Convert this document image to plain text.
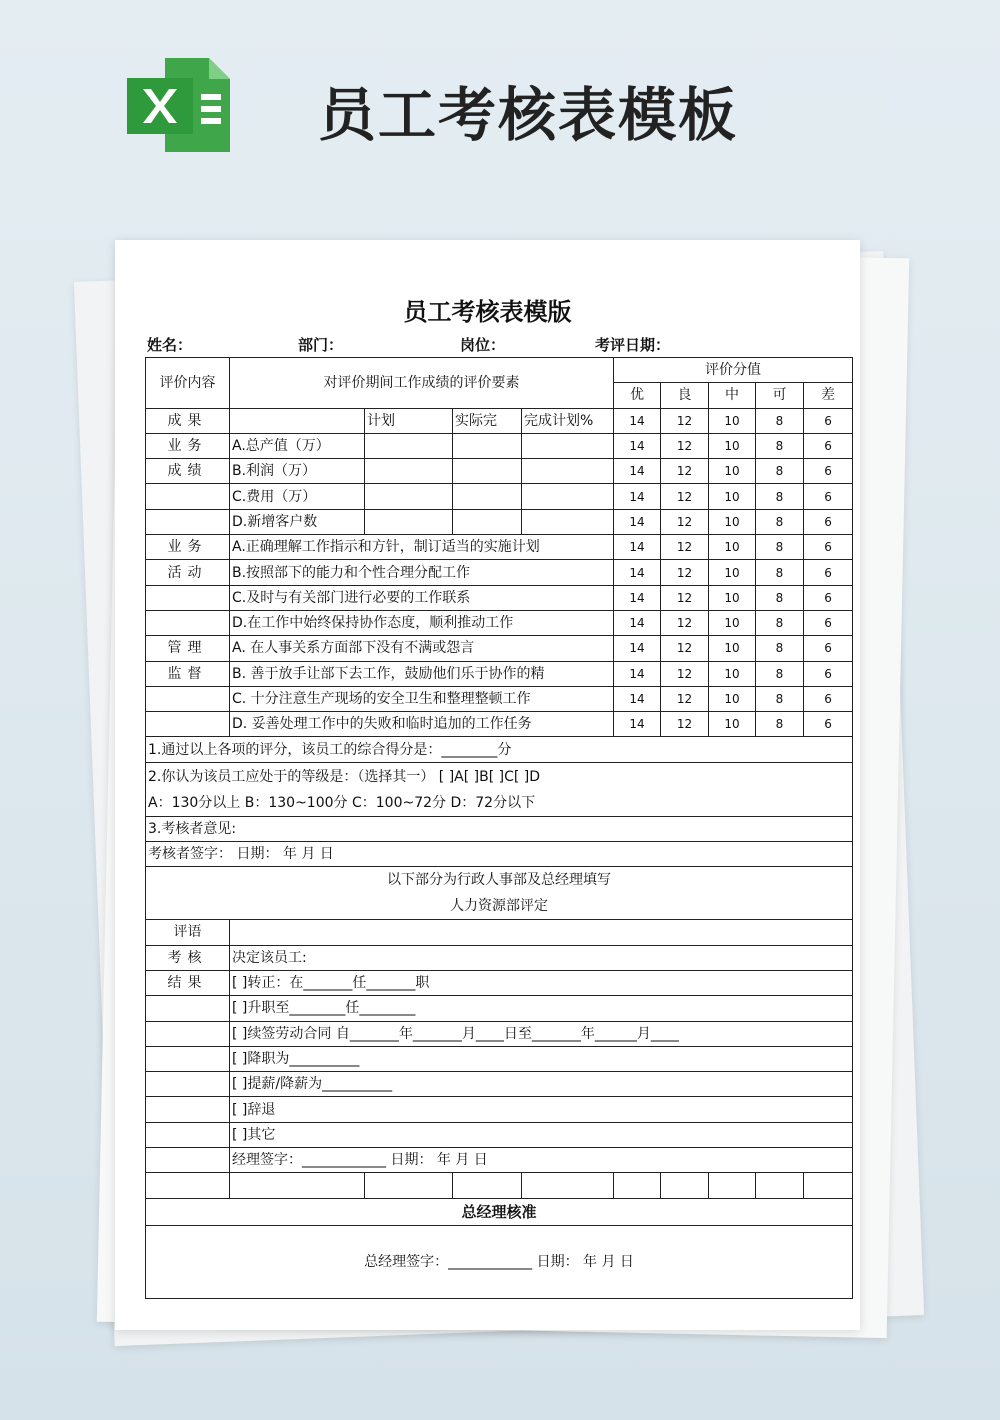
员工考核表模板
员工考核表模版
姓名：	部门：	岗位：	考评日期：
评价内容	对评价期间工作成绩的评价要素				评价分值				
					优	良	中	可	差
成果		计划	实际完	完成计划%	14	12	10	8	6
业务	A.总产值（万）				14	12	10	8	6
成绩	B.利润（万）				14	12	10	8	6
	C.费用（万）				14	12	10	8	6
	D.新增客户数				14	12	10	8	6
业务	A.正确理解工作指示和方针，制订适当的实施计划				14	12	10	8	6
活动	B.按照部下的能力和个性合理分配工作				14	12	10	8	6
	C.及时与有关部门进行必要的工作联系				14	12	10	8	6
	D.在工作中始终保持协作态度，顺利推动工作				14	12	10	8	6
管理	A. 在人事关系方面部下没有不满或怨言				14	12	10	8	6
监督	B. 善于放手让部下去工作，鼓励他们乐于协作的精				14	12	10	8	6
	C. 十分注意生产现场的安全卫生和整理整顿工作				14	12	10	8	6
	D. 妥善处理工作中的失败和临时追加的工作任务				14	12	10	8	6
1.通过以上各项的评分，该员工的综合得分是：________分									

2.你认为该员工应处于的等级是：（选择其一） [ ]A[ ]B[ ]C[ ]D
A：130分以上 B：130~100分 C：100~72分 D：72分以下									

3.考核者意见:									
考核者签字： 日期： 年 月 日									

以下部分为行政人事部及总经理填写
人力资源部评定									

评语									
考核	决定该员工:								
结果	[ ]转正：在_______任_______职								
	[ ]升职至________任________								
	[ ]续签劳动合同 自_______年_______月____日至_______年______月____								
	[ ]降职为__________								
	[ ]提薪/降薪为__________								
	[ ]辞退								
	[ ]其它								
	经理签字：____________ 日期： 年 月 日								

总经理核准									
总经理签字：____________ 日期： 年 月 日									
